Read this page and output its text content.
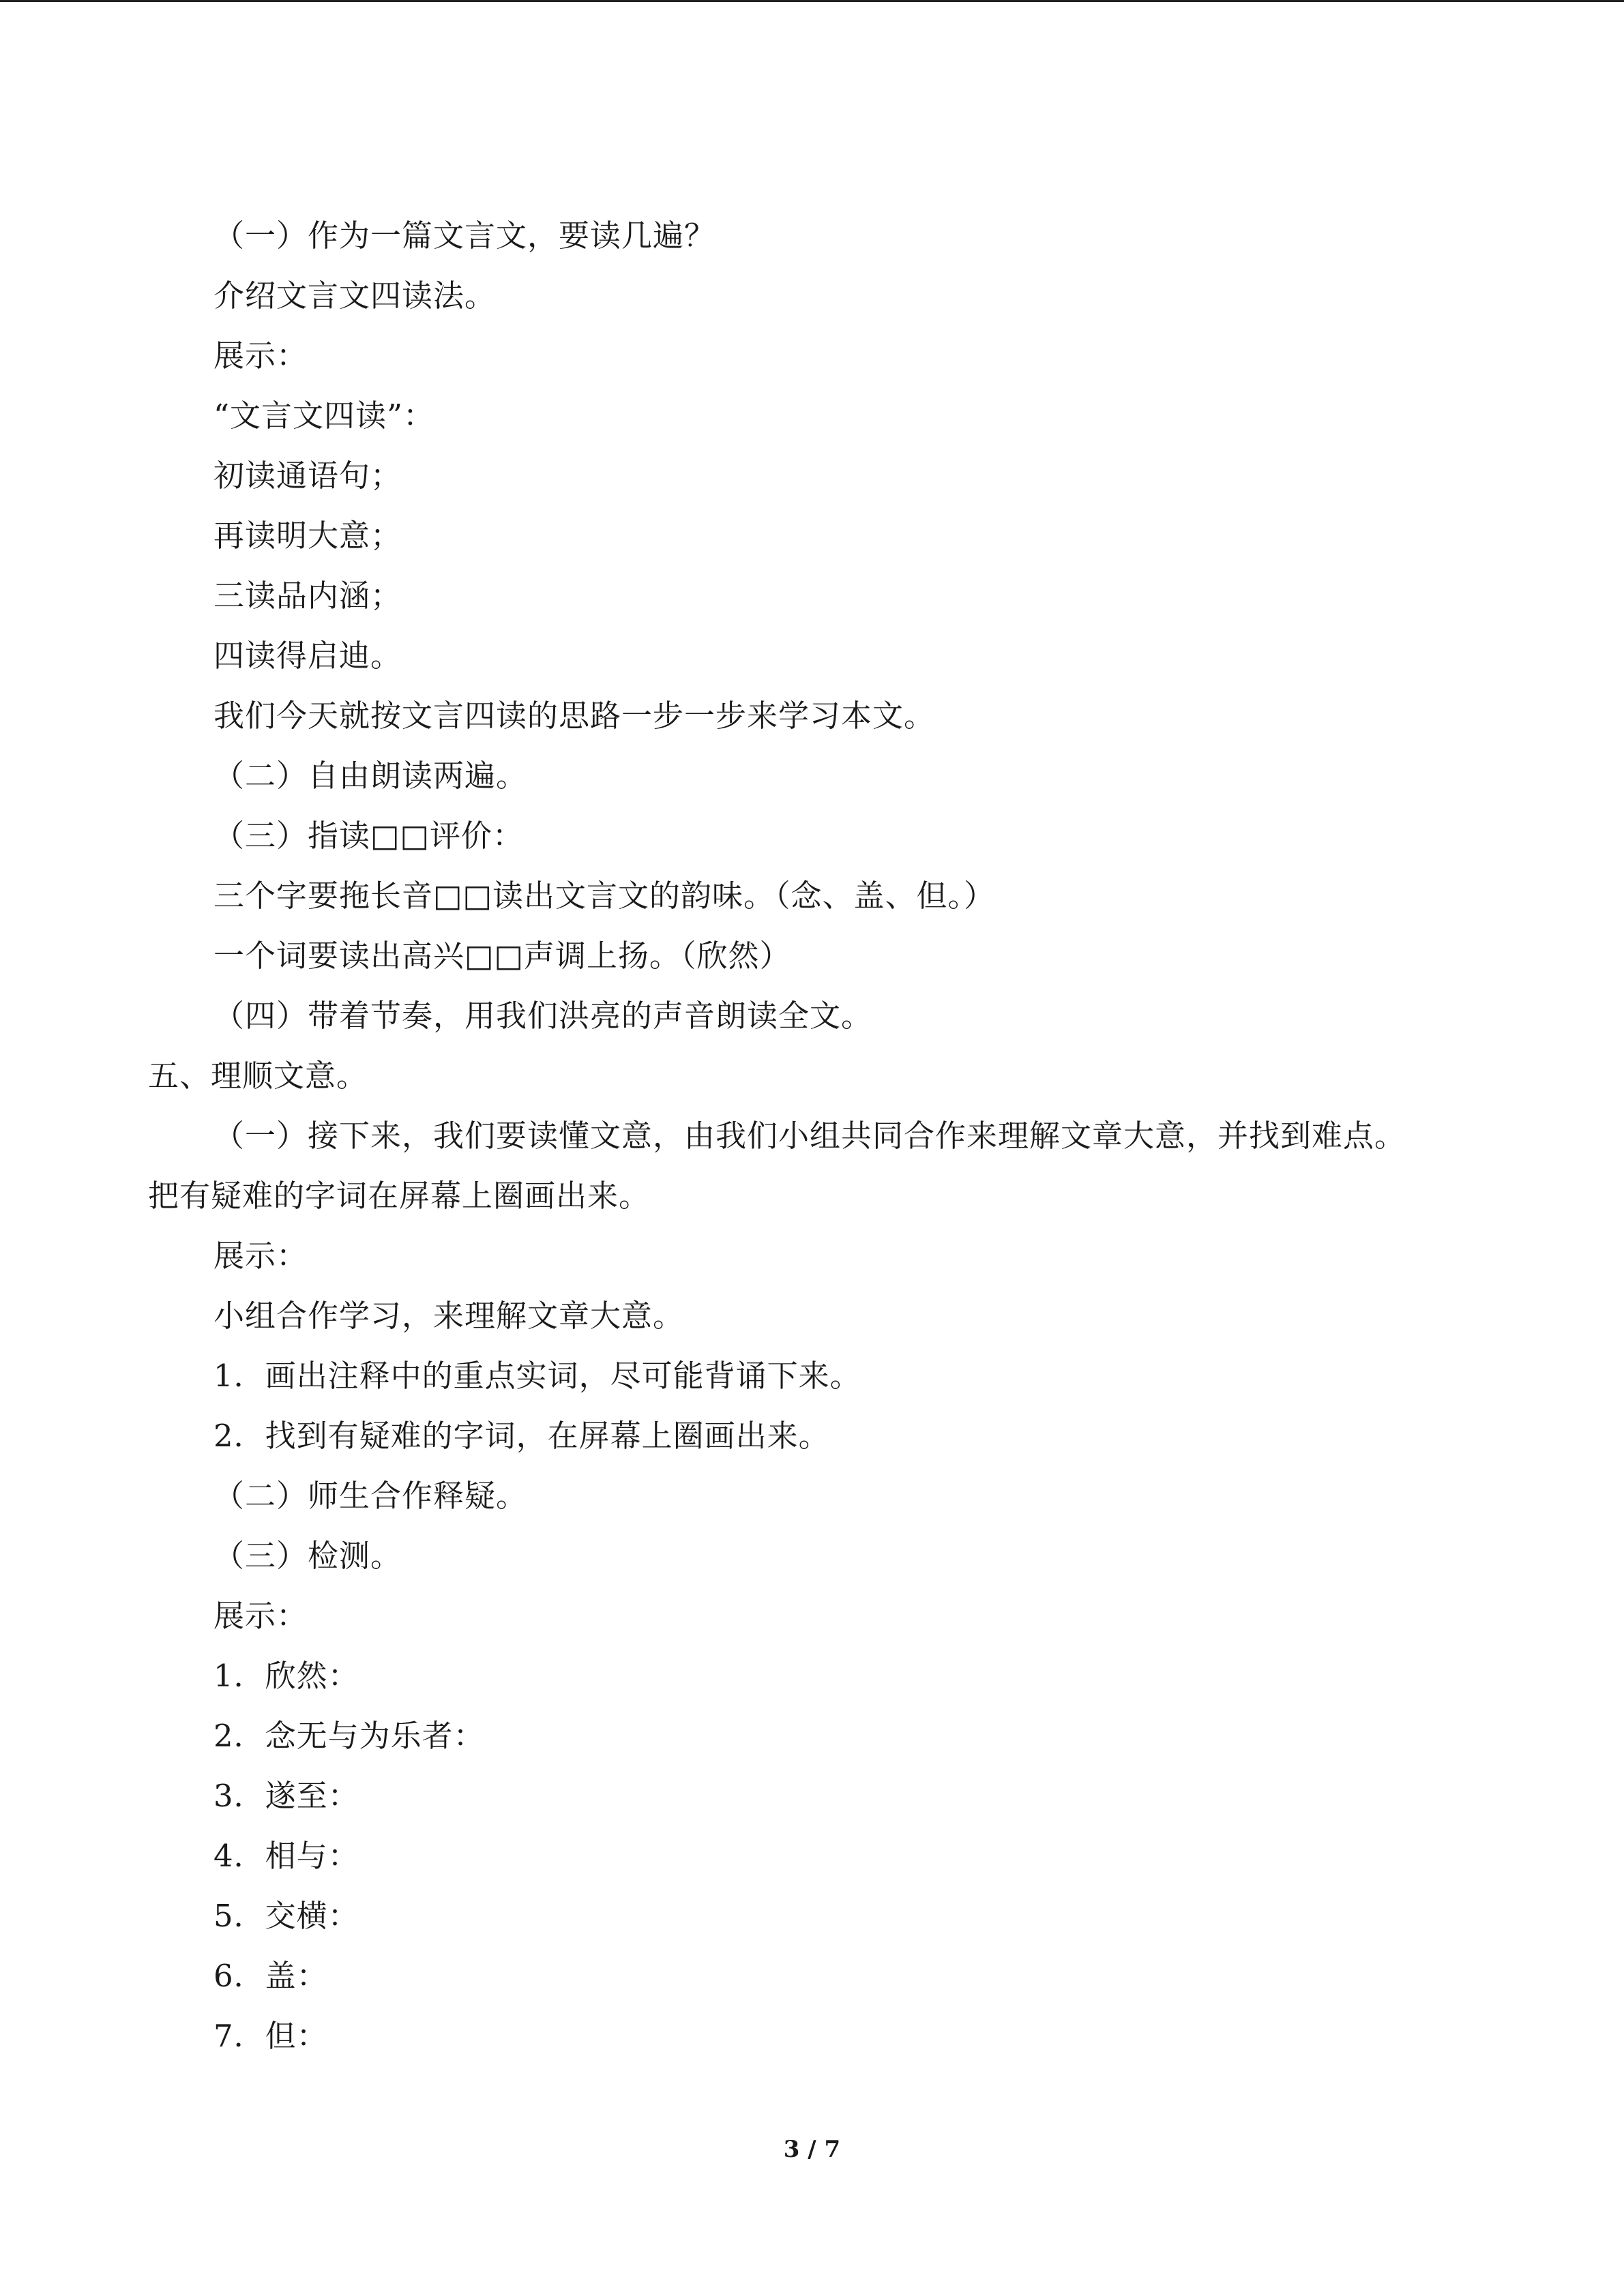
（一）作为一篇文言文，要读几遍？
介绍文言文四读法。
展示：
“文言文四读”：
初读通语句；
再读明大意；
三读品内涵；
四读得启迪。
我们今天就按文言四读的思路一步一步来学习本文。
（二）自由朗读两遍。
（三）指读□□评价：
三个字要拖长音□□读出文言文的韵味。（念、盖、但。）
一个词要读出高兴□□声调上扬。（欣然）
（四）带着节奏，用我们洪亮的声音朗读全文。
五、理顺文意。
（一）接下来，我们要读懂文意，由我们小组共同合作来理解文章大意，并找到难点。
把有疑难的字词在屏幕上圈画出来。
展示：
小组合作学习，来理解文章大意。
1．画出注释中的重点实词，尽可能背诵下来。
2．找到有疑难的字词，在屏幕上圈画出来。
（二）师生合作释疑。
（三）检测。
展示：
1．欣然：
2．念无与为乐者：
3．遂至：
4．相与：
5．交横：
6．盖：
7．但：
3 / 7
